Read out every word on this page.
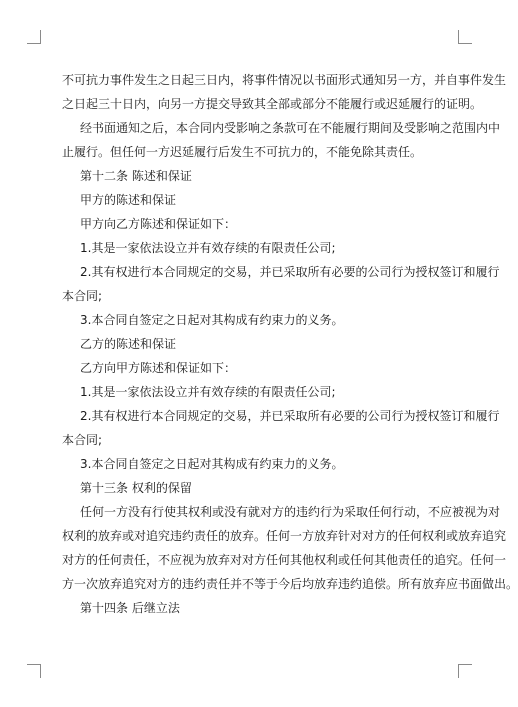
不可抗力事件发生之日起三日内，将事件情况以书面形式通知另一方，并自事件发生
之日起三十日内，向另一方提交导致其全部或部分不能履行或迟延履行的证明。
经书面通知之后，本合同内受影响之条款可在不能履行期间及受影响之范围内中
止履行。但任何一方迟延履行后发生不可抗力的，不能免除其责任。
第十二条 陈述和保证
甲方的陈述和保证
甲方向乙方陈述和保证如下：
1.其是一家依法设立并有效存续的有限责任公司;
2.其有权进行本合同规定的交易，并已采取所有必要的公司行为授权签订和履行
本合同;
3.本合同自签定之日起对其构成有约束力的义务。
乙方的陈述和保证
乙方向甲方陈述和保证如下：
1.其是一家依法设立并有效存续的有限责任公司;
2.其有权进行本合同规定的交易，并已采取所有必要的公司行为授权签订和履行
本合同;
3.本合同自签定之日起对其构成有约束力的义务。
第十三条 权利的保留
任何一方没有行使其权利或没有就对方的违约行为采取任何行动，不应被视为对
权利的放弃或对追究违约责任的放弃。任何一方放弃针对对方的任何权利或放弃追究
对方的任何责任，不应视为放弃对对方任何其他权利或任何其他责任的追究。任何一
方一次放弃追究对方的违约责任并不等于今后均放弃违约追偿。所有放弃应书面做出。
第十四条 后继立法
